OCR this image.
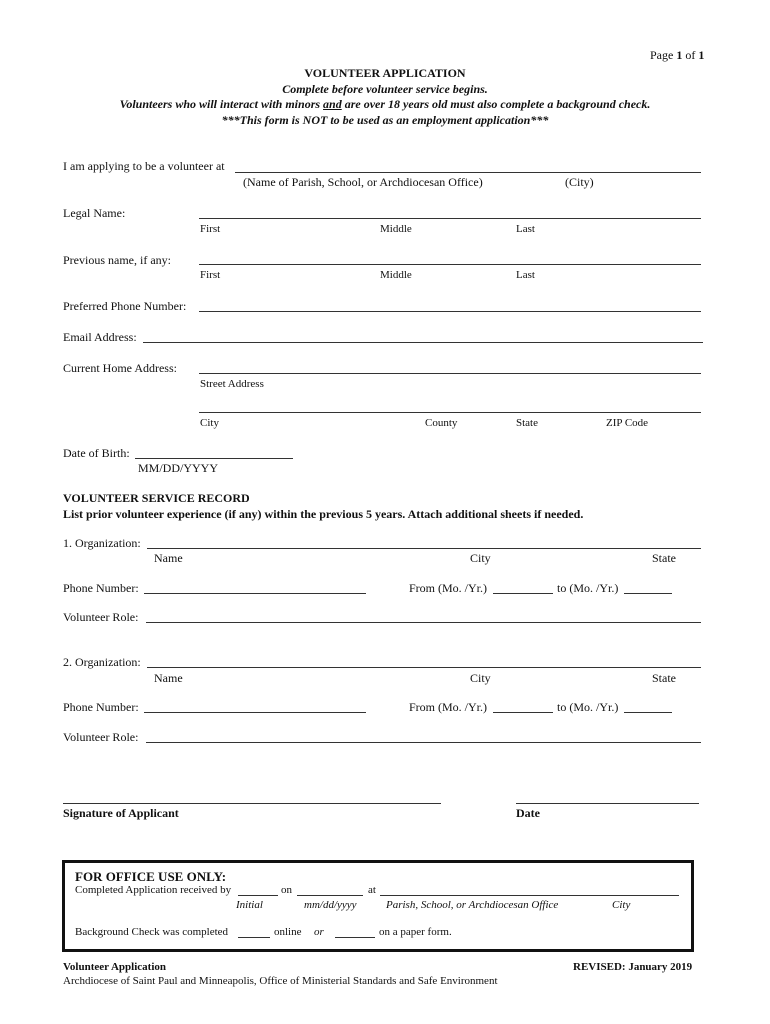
Page 1 of 1
VOLUNTEER APPLICATION
Complete before volunteer service begins.
Volunteers who will interact with minors and are over 18 years old must also complete a background check.
***This form is NOT to be used as an employment application***
I am applying to be a volunteer at
(Name of Parish, School, or Archdiocesan Office)	(City)
Legal Name:
First	Middle	Last
Previous name, if any:
First	Middle	Last
Preferred Phone Number:
Email Address:
Current Home Address:
Street Address
City	County	State	ZIP Code
Date of Birth:
MM/DD/YYYY
VOLUNTEER SERVICE RECORD
List prior volunteer experience (if any) within the previous 5 years. Attach additional sheets if needed.
1. Organization:
Name	City	State
Phone Number:	From (Mo. /Yr.)	to (Mo. /Yr.)
Volunteer Role:
2. Organization:
Name	City	State
Phone Number:	From (Mo. /Yr.)	to (Mo. /Yr.)
Volunteer Role:
Signature of Applicant	Date
FOR OFFICE USE ONLY:
Completed Application received by	on	at
Initial	mm/dd/yyyy	Parish, School, or Archdiocesan Office	City
Background Check was completed	online or	on a paper form.
Volunteer Application
Archdiocese of Saint Paul and Minneapolis, Office of Ministerial Standards and Safe Environment
REVISED: January 2019
